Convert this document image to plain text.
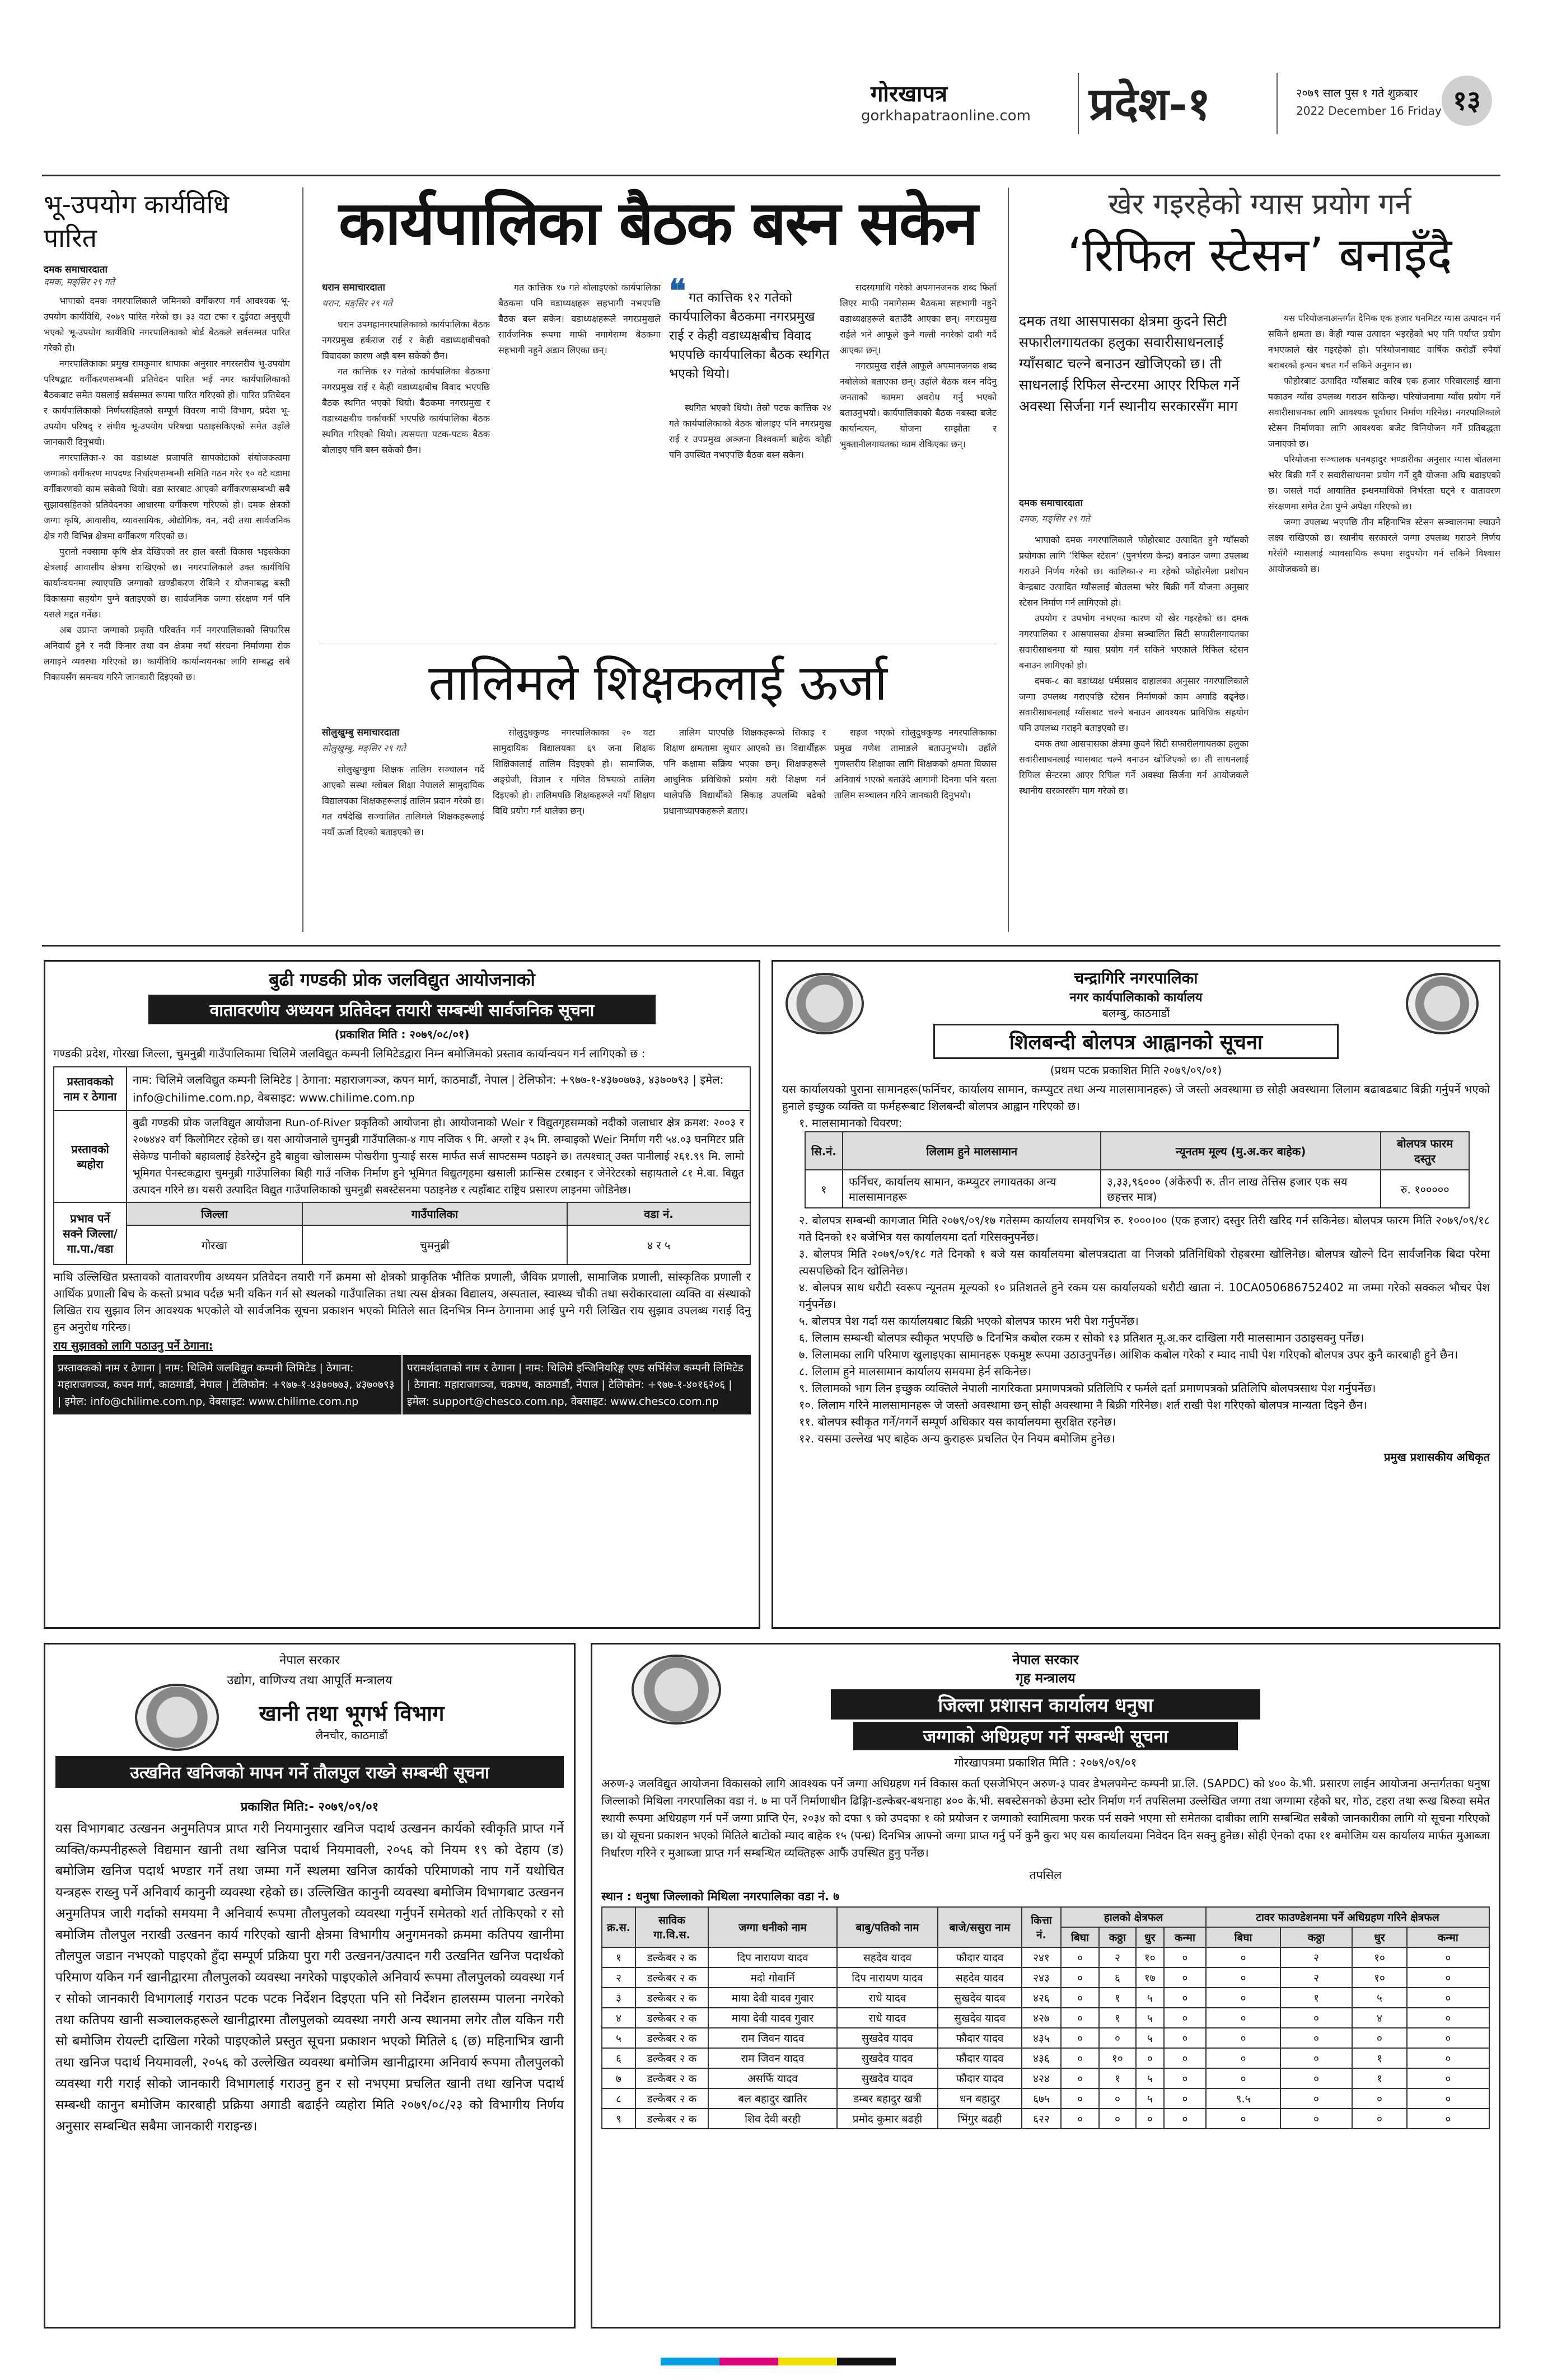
गोरखापत्र
gorkhapatraonline.com प्रदेश-१	२०७९ साल पुस १ गते शुक्रबार
2022 December 16 Friday १३
भू-उपयोग कार्यविधि पारित
दमक समाचारदाता
दमक, मङ्सिर २९ गते

भापाको दमक नगरपालिकाले जमिनको वर्गीकरण गर्न आवश्यक भू-उपयोग कार्यविधि, २०७९ पारित गरेको छ। ३३ वटा टफा र दुईवटा अनुसूची भएको भू-उपयोग कार्यविधि नगरपालिकाको बोर्ड बैठकले सर्वसम्मत पारित गरेको हो।

नगरपालिकाका प्रमुख रामकुमार थापाका अनुसार नगरस्तरीय भू-उपयोग परिषद्बाट वर्गीकरणसम्बन्धी प्रतिवेदन पारित भई नगर कार्यपालिकाको बैठकबाट समेत यसलाई सर्वसम्मत रूपमा पारित गरिएको हो। पारित प्रतिवेदन र कार्यपालिकाको निर्णयसहितको सम्पूर्ण विवरण नापी विभाग, प्रदेश भू-उपयोग परिषद् र संघीय भू-उपयोग परिषद्मा पठाइसकिएको समेत उहाँले जानकारी दिनुभयो।

नगरपालिका-२ का वडाध्यक्ष प्रजापति सापकोटाको संयोजकत्वमा जग्गाको वर्गीकरण मापदण्ड निर्धारणसम्बन्धी समिति गठन गरेर १० वटै वडामा वर्गीकरणको काम सकेको थियो। वडा स्तरबाट आएको वर्गीकरणसम्बन्धी सबै सुझावसहितको प्रतिवेदनका आधारमा वर्गीकरण गरिएको हो। दमक क्षेत्रको जग्गा कृषि, आवासीय, व्यावसायिक, औद्योगिक, वन, नदी तथा सार्वजनिक क्षेत्र गरी विभिन्न क्षेत्रमा वर्गीकरण गरिएको छ।

पुरानो नक्सामा कृषि क्षेत्र देखिएको तर हाल बस्ती विकास भइसकेका क्षेत्रलाई आवासीय क्षेत्रमा राखिएको छ। नगरपालिकाले उक्त कार्यविधि कार्यान्वयनमा ल्याएपछि जग्गाको खण्डीकरण रोकिने र योजनाबद्ध बस्ती विकासमा सहयोग पुग्ने बताइएको छ। सार्वजनिक जग्गा संरक्षण गर्न पनि यसले मद्दत गर्नेछ।

अब उप्रान्त जग्गाको प्रकृति परिवर्तन गर्न नगरपालिकाको सिफारिस अनिवार्य हुने र नदी किनार तथा वन क्षेत्रमा नयाँ संरचना निर्माणमा रोक लगाइने व्यवस्था गरिएको छ। कार्यविधि कार्यान्वयनका लागि सम्बद्ध सबै निकायसँग समन्वय गरिने जानकारी दिइएको छ।

कार्यपालिका बैठक बस्न सकेन
धरान समाचारदाता
धरान, मङ्सिर २९ गते

धरान उपमहानगरपालिकाको कार्यपालिका बैठक नगरप्रमुख हर्कराज राई र केही वडाध्यक्षबीचको विवादका कारण अझै बस्न सकेको छैन।

गत कात्तिक १२ गतेको कार्यपालिका बैठकमा नगरप्रमुख राई र केही वडाध्यक्षबीच विवाद भएपछि बैठक स्थगित भएको थियो। बैठकमा नगरप्रमुख र वडाध्यक्षबीच चर्काचर्की भएपछि कार्यपालिका बैठक स्थगित गरिएको थियो। त्यसयता पटक-पटक बैठक बोलाइए पनि बस्न सकेको छैन।

गत कात्तिक १७ गते बोलाइएको कार्यपालिका बैठकमा पनि वडाध्यक्षहरू सहभागी नभएपछि बैठक बस्न सकेन। वडाध्यक्षहरूले नगरप्रमुखले सार्वजनिक रूपमा माफी नमागेसम्म बैठकमा सहभागी नहुने अडान लिएका छन्।

❝ गत कात्तिक १२ गतेको कार्यपालिका बैठकमा नगरप्रमुख राई र केही वडाध्यक्षबीच विवाद भएपछि कार्यपालिका बैठक स्थगित भएको थियो।

स्थगित भएको थियो। तेस्रो पटक कात्तिक २४ गते कार्यपालिकाको बैठक बोलाइए पनि नगरप्रमुख राई र उपप्रमुख अञ्जना विश्वकर्मा बाहेक कोही पनि उपस्थित नभएपछि बैठक बस्न सकेन।

सदस्यमाथि गरेको अपमानजनक शब्द फिर्ता लिएर माफी नमागेसम्म बैठकमा सहभागी नहुने वडाध्यक्षहरूले बताउँदै आएका छन्। नगरप्रमुख राईले भने आफूले कुनै गल्ती नगरेको दाबी गर्दै आएका छन्।

नगरप्रमुख राईले आफूले अपमानजनक शब्द नबोलेको बताएका छन्। उहाँले बैठक बस्न नदिनु जनताको काममा अवरोध गर्नु भएको बताउनुभयो। कार्यपालिकाको बैठक नबस्दा बजेट कार्यान्वयन, योजना सम्झौता र भुक्तानीलगायतका काम रोकिएका छन्।

तालिमले शिक्षकलाई ऊर्जा
सोलुखुम्बु समाचारदाता
सोलुखुम्बु, मङ्सिर २९ गते

सोलुखुम्बुमा शिक्षक तालिम सञ्चालन गर्दै आएको सस्था ग्लोबल शिक्षा नेपालले सामुदायिक विद्यालयका शिक्षकहरूलाई तालिम प्रदान गरेको छ। गत वर्षदेखि सञ्चालित तालिमले शिक्षकहरूलाई नयाँ ऊर्जा दिएको बताइएको छ।

सोलुदुधकुण्ड नगरपालिकाका २० वटा सामुदायिक विद्यालयका ६९ जना शिक्षक शिक्षिकालाई तालिम दिइएको हो। सामाजिक, अङ्ग्रेजी, विज्ञान र गणित विषयको तालिम दिइएको हो। तालिमपछि शिक्षकहरूले नयाँ शिक्षण विधि प्रयोग गर्न थालेका छन्।

तालिम पाएपछि शिक्षकहरूको सिकाइ र शिक्षण क्षमतामा सुधार आएको छ। विद्यार्थीहरू पनि कक्षामा सक्रिय भएका छन्। शिक्षकहरूले आधुनिक प्रविधिको प्रयोग गरी शिक्षण गर्न थालेपछि विद्यार्थीको सिकाइ उपलब्धि बढेको प्रधानाध्यापकहरूले बताए।

सहज भएको सोलुदुधकुण्ड नगरपालिकाका प्रमुख गणेश तामाङले बताउनुभयो। उहाँले गुणस्तरीय शिक्षाका लागि शिक्षकको क्षमता विकास अनिवार्य भएको बताउँदै आगामी दिनमा पनि यस्ता तालिम सञ्चालन गरिने जानकारी दिनुभयो।

खेर गइरहेको ग्यास प्रयोग गर्न
‘रिफिल स्टेसन’ बनाइँदै
दमक तथा आसपासका क्षेत्रमा कुदने सिटी सफारीलगायतका हलुका सवारीसाधनलाई ग्याँसबाट चल्ने बनाउन खोजिएको छ। ती साधनलाई रिफिल सेन्टरमा आएर रिफिल गर्ने अवस्था सिर्जना गर्न स्थानीय सरकारसँग माग
दमक समाचारदाता
दमक, मङ्सिर २९ गते

भापाको दमक नगरपालिकाले फोहोरबाट उत्पादित हुने ग्याँसको प्रयोगका लागि ‘रिफिल स्टेसन’ (पुनर्भरण केन्द्र) बनाउन जग्गा उपलब्ध गराउने निर्णय गरेको छ। कालिका-२ मा रहेको फोहोरमैला प्रशोधन केन्द्रबाट उत्पादित ग्याँसलाई बोतलमा भरेर बिक्री गर्ने योजना अनुसार स्टेसन निर्माण गर्न लागिएको हो।

उपयोग र उपभोग नभएका कारण यो खेर गइरहेको छ। दमक नगरपालिका र आसपासका क्षेत्रमा सञ्चालित सिटी सफारीलगायतका सवारीसाधनमा यो ग्यास प्रयोग गर्न सकिने भएकाले रिफिल स्टेसन बनाउन लागिएको हो।

दमक-८ का वडाध्यक्ष धर्मप्रसाद दाहालका अनुसार नगरपालिकाले जग्गा उपलब्ध गराएपछि स्टेसन निर्माणको काम अगाडि बढ्नेछ। सवारीसाधनलाई ग्याँसबाट चल्ने बनाउन आवश्यक प्राविधिक सहयोग पनि उपलब्ध गराइने बताइएको छ।

दमक तथा आसपासका क्षेत्रमा कुदने सिटी सफारीलगायतका हलुका सवारीसाधनलाई ग्यासबाट चल्ने बनाउन खोजिएको छ। ती साधनलाई रिफिल सेन्टरमा आएर रिफिल गर्ने अवस्था सिर्जना गर्न आयोजकले स्थानीय सरकारसँग माग गरेको छ।

यस परियोजनाअन्तर्गत दैनिक एक हजार घनमिटर ग्यास उत्पादन गर्न सकिने क्षमता छ। केही ग्यास उत्पादन भइरहेको भए पनि पर्याप्त प्रयोग नभएकाले खेर गइरहेको हो। परियोजनाबाट वार्षिक करोडौँ रुपैयाँ बराबरको इन्धन बचत गर्न सकिने अनुमान छ।

फोहोरबाट उत्पादित ग्याँसबाट करिब एक हजार परिवारलाई खाना पकाउन ग्याँस उपलब्ध गराउन सकिन्छ। परियोजनामा ग्याँस प्रयोग गर्ने सवारीसाधनका लागि आवश्यक पूर्वाधार निर्माण गरिनेछ। नगरपालिकाले स्टेसन निर्माणका लागि आवश्यक बजेट विनियोजन गर्ने प्रतिबद्धता जनाएको छ।

परियोजना सञ्चालक धनबहादुर भण्डारीका अनुसार ग्यास बोतलमा भरेर बिक्री गर्ने र सवारीसाधनमा प्रयोग गर्ने दुवै योजना अघि बढाइएको छ। जसले गर्दा आयातित इन्धनमाथिको निर्भरता घट्ने र वातावरण संरक्षणमा समेत टेवा पुग्ने अपेक्षा गरिएको छ।

जग्गा उपलब्ध भएपछि तीन महिनाभित्र स्टेसन सञ्चालनमा ल्याउने लक्ष्य राखिएको छ। स्थानीय सरकारले जग्गा उपलब्ध गराउने निर्णय गरेसँगै ग्यासलाई व्यावसायिक रूपमा सदुपयोग गर्न सकिने विश्वास आयोजकको छ।

बुढी गण्डकी प्रोक जलविद्युत आयोजनाको
वातावरणीय अध्ययन प्रतिवेदन तयारी सम्बन्धी सार्वजनिक सूचना
(प्रकाशित मिति : २०७९/०८/०१)
गण्डकी प्रदेश, गोरखा जिल्ला, चुमनुब्री गाउँपालिकामा चिलिमे जलविद्युत कम्पनी लिमिटेडद्वारा निम्न बमोजिमको प्रस्ताव कार्यान्वयन गर्न लागिएको छ :
प्रस्तावकको नाम र ठेगाना	नाम: चिलिमे जलविद्युत कम्पनी लिमिटेड | ठेगाना: महाराजगञ्ज, कपन मार्ग, काठमाडौं, नेपाल | टेलिफोन: +९७७-१-४३७०७७३, ४३७०७९३ | इमेल: info@chilime.com.np, वेबसाइट: www.chilime.com.np		
प्रस्तावको ब्यहोरा	बुढी गण्डकी प्रोक जलविद्युत आयोजना Run-of-River प्रकृतिको आयोजना हो। आयोजनाको Weir र विद्युतगृहसम्मको नदीको जलाधार क्षेत्र क्रमश: २००३ र २०७४४२ वर्ग किलोमिटर रहेको छ। यस आयोजनाले चुमनुब्री गाउँपालिका-४ गाप नजिक ९ मि. अग्लो र ३५ मि. लम्बाइको Weir निर्माण गरी ५४.०३ घनमिटर प्रति सेकेण्ड पानीको बहावलाई हेडरेस्ट्रेन हुदै बाहुवा खोलासम्म पोखरीगा पुऱ्याई सरस मार्फत सर्ज साफ्टसम्म पठाइने छ। तत्पश्चात् उक्त पानीलाई २६१.९९ मि. लामो भूमिगत पेनस्टकद्वारा चुमनुब्री गाउँपालिका बिही गाउँ नजिक निर्माण हुने भूमिगत विद्युतगृहमा खसाली फ्रान्सिस टरबाइन र जेनेरेटरको सहायताले ८१ मे.वा. विद्युत उत्पादन गरिने छ। यसरी उत्पादित विद्युत गाउँपालिकाको चुमनुब्री सबस्टेसनमा पठाइनेछ र त्यहाँबाट राष्ट्रिय प्रसारण लाइनमा जोडिनेछ।		
प्रभाव पर्ने सक्ने जिल्ला/गा.पा./वडा	जिल्ला	गाउँपालिका	वडा नं.
	गोरखा	चुमनुब्री	४ र ५
माथि उल्लिखित प्रस्तावको वातावरणीय अध्ययन प्रतिवेदन तयारी गर्ने क्रममा सो क्षेत्रको प्राकृतिक भौतिक प्रणाली, जैविक प्रणाली, सामाजिक प्रणाली, सांस्कृतिक प्रणाली र आर्थिक प्रणाली बिच के कस्तो प्रभाव पर्दछ भनी यकिन गर्न सो स्थलको गाउँपालिका तथा त्यस क्षेत्रका विद्यालय, अस्पताल, स्वास्थ्य चौकी तथा सरोकारवाला व्यक्ति वा संस्थाको लिखित राय सुझाव लिन आवश्यक भएकोले यो सार्वजनिक सूचना प्रकाशन भएको मितिले सात दिनभित्र निम्न ठेगानामा आई पुग्ने गरी लिखित राय सुझाव उपलब्ध गराई दिनु हुन अनुरोध गरिन्छ।
राय सुझावको लागि पठाउनु पर्ने ठेगाना:
प्रस्तावकको नाम र ठेगाना | नाम: चिलिमे जलविद्युत कम्पनी लिमिटेड | ठेगाना: महाराजगञ्ज, कपन मार्ग, काठमाडौं, नेपाल | टेलिफोन: +९७७-१-४३७०७७३, ४३७०७९३ | इमेल: info@chilime.com.np, वेबसाइट: www.chilime.com.np
परामर्शदाताको नाम र ठेगाना | नाम: चिलिमे इन्जिनियरिङ्ग एण्ड सर्भिसेज कम्पनी लिमिटेड | ठेगाना: महाराजगञ्ज, चक्रपथ, काठमाडौं, नेपाल | टेलिफोन: +९७७-१-४०१६२०६ | इमेल: support@chesco.com.np, वेबसाइट: www.chesco.com.np
चन्द्रागिरि नगरपालिका
नगर कार्यपालिकाको कार्यालय
बलम्बु, काठमाडौं
शिलबन्दी बोलपत्र आह्वानको सूचना
(प्रथम पटक प्रकाशित मिति २०७९/०९/०१)
यस कार्यालयको पुराना सामानहरू(फर्निचर, कार्यालय सामान, कम्प्युटर तथा अन्य मालसामानहरू) जे जस्तो अवस्थामा छ सोही अवस्थामा लिलाम बढाबढबाट बिक्री गर्नुपर्ने भएको हुनाले इच्छुक व्यक्ति वा फर्महरूबाट शिलबन्दी बोलपत्र आह्वान गरिएको छ।
१. मालसामानको विवरण:
सि.नं.	लिलाम हुने मालसामान	न्यूनतम मूल्य (मु.अ.कर बाहेक)	बोलपत्र फारम दस्तुर
१	फर्निचर, कार्यालय सामान, कम्प्युटर लगायतका अन्य मालसामानहरू	३,३३,९६००० (अंकेरुपी रु. तीन लाख तेत्तिस हजार एक सय छहत्तर मात्र)	रु. १०००००
२. बोलपत्र सम्बन्धी कागजात मिति २०७९/०९/१७ गतेसम्म कार्यालय समयभित्र रु. १०००।०० (एक हजार) दस्तुर तिरी खरिद गर्न सकिनेछ। बोलपत्र फारम मिति २०७९/०९/१८ गते दिनको १२ बजेभित्र यस कार्यालयमा दर्ता गरिसक्नुपर्नेछ।
३. बोलपत्र मिति २०७९/०९/१८ गते दिनको १ बजे यस कार्यालयमा बोलपत्रदाता वा निजको प्रतिनिधिको रोहबरमा खोलिनेछ। बोलपत्र खोल्ने दिन सार्वजनिक बिदा परेमा त्यसपछिको दिन खोलिनेछ।
४. बोलपत्र साथ धरौटी स्वरूप न्यूनतम मूल्यको १० प्रतिशतले हुने रकम यस कार्यालयको धरौटी खाता नं. 10CA050686752402 मा जम्मा गरेको सक्कल भौचर पेश गर्नुपर्नेछ।
५. बोलपत्र पेश गर्दा यस कार्यालयबाट बिक्री भएको बोलपत्र फारम भरी पेश गर्नुपर्नेछ।
६. लिलाम सम्बन्धी बोलपत्र स्वीकृत भएपछि ७ दिनभित्र कबोल रकम र सोको १३ प्रतिशत मू.अ.कर दाखिला गरी मालसामान उठाइसक्नु पर्नेछ।
७. लिलामका लागि परिमाण खुलाइएका सामानहरू एकमुष्ट रूपमा उठाउनुपर्नेछ। आंशिक कबोल गरेको र म्याद नाघी पेश गरिएको बोलपत्र उपर कुनै कारबाही हुने छैन।
८. लिलाम हुने मालसामान कार्यालय समयमा हेर्न सकिनेछ।
९. लिलामको भाग लिन इच्छुक व्यक्तिले नेपाली नागरिकता प्रमाणपत्रको प्रतिलिपि र फर्मले दर्ता प्रमाणपत्रको प्रतिलिपि बोलपत्रसाथ पेश गर्नुपर्नेछ।
१०. लिलाम गरिने मालसामानहरू जे जस्तो अवस्थामा छन् सोही अवस्थामा नै बिक्री गरिनेछ। शर्त राखी पेश गरिएको बोलपत्र मान्यता दिइने छैन।
११. बोलपत्र स्वीकृत गर्ने/नगर्ने सम्पूर्ण अधिकार यस कार्यालयमा सुरक्षित रहनेछ।
१२. यसमा उल्लेख भए बाहेक अन्य कुराहरू प्रचलित ऐन नियम बमोजिम हुनेछ।
प्रमुख प्रशासकीय अधिकृत
नेपाल सरकार
उद्योग, वाणिज्य तथा आपूर्ति मन्त्रालय
खानी तथा भूगर्भ विभाग
लैनचौर, काठमाडौं
उत्खनित खनिजको मापन गर्ने तौलपुल राख्ने सम्बन्धी सूचना
प्रकाशित मिति:- २०७९/०९/०१
यस विभागबाट उत्खनन अनुमतिपत्र प्राप्त गरी नियमानुसार खनिज पदार्थ उत्खनन कार्यको स्वीकृति प्राप्त गर्ने व्यक्ति/कम्पनीहरूले विद्यमान खानी तथा खनिज पदार्थ नियमावली, २०५६ को नियम १९ को देहाय (ड) बमोजिम खनिज पदार्थ भण्डार गर्ने तथा जम्मा गर्ने स्थलमा खनिज कार्यको परिमाणको नाप गर्ने यथोचित यन्त्रहरू राख्नु पर्ने अनिवार्य कानुनी व्यवस्था रहेको छ। उल्लिखित कानुनी व्यवस्था बमोजिम विभागबाट उत्खनन अनुमतिपत्र जारी गर्दाको समयमा नै अनिवार्य रूपमा तौलपुलको व्यवस्था गर्नुपर्ने समेतको शर्त तोकिएको र सो बमोजिम तौलपुल नराखी उत्खनन कार्य गरिएको खानी क्षेत्रमा विभागीय अनुगमनको क्रममा कतिपय खानीमा तौलपुल जडान नभएको पाइएको हुँदा सम्पूर्ण प्रक्रिया पुरा गरी उत्खनन/उत्पादन गरी उत्खनित खनिज पदार्थको परिमाण यकिन गर्न खानीद्वारमा तौलपुलको व्यवस्था नगरेको पाइएकोले अनिवार्य रूपमा तौलपुलको व्यवस्था गर्न र सोको जानकारी विभागलाई गराउन पटक पटक निर्देशन दिइएता पनि सो निर्देशन हालसम्म पालना नगरेको तथा कतिपय खानी सञ्चालकहरूले खानीद्वारमा तौलपुलको व्यवस्था नगरी अन्य स्थानमा लगेर तौल यकिन गरी सो बमोजिम रोयल्टी दाखिला गरेको पाइएकोले प्रस्तुत सूचना प्रकाशन भएको मितिले ६ (छ) महिनाभित्र खानी तथा खनिज पदार्थ नियमावली, २०५६ को उल्लेखित व्यवस्था बमोजिम खानीद्वारमा अनिवार्य रूपमा तौलपुलको व्यवस्था गरी गराई सोको जानकारी विभागलाई गराउनु हुन र सो नभएमा प्रचलित खानी तथा खनिज पदार्थ सम्बन्धी कानुन बमोजिम कारबाही प्रक्रिया अगाडी बढाईने व्यहोरा मिति २०७९/०८/२३ को विभागीय निर्णय अनुसार सम्बन्धित सबैमा जानकारी गराइन्छ।
नेपाल सरकार
गृह मन्त्रालय
जिल्ला प्रशासन कार्यालय धनुषा
जग्गाको अधिग्रहण गर्ने सम्बन्धी सूचना
गोरखापत्रमा प्रकाशित मिति : २०७९/०९/०१
अरुण-३ जलविद्युत आयोजना विकासको लागि आवश्यक पर्ने जग्गा अधिग्रहण गर्न विकास कर्ता एसजेभिएन अरुण-३ पावर डेभलपमेन्ट कम्पनी प्रा.लि. (SAPDC) को ४०० के.भी. प्रसारण लाईन आयोजना अन्तर्गतका धनुषा जिल्लाको मिथिला नगरपालिका वडा नं. ७ मा पर्ने निर्माणाधीन ढिङ्गिा-डल्केबर-बथनाहा ४०० के.भी. सबस्टेसनको छेउमा स्टोर निर्माण गर्न तपसिलमा उल्लेखित जग्गा तथा जग्गामा रहेको घर, गोठ, टहरा तथा रूख बिरुवा समेत स्थायी रूपमा अधिग्रहण गर्न पर्ने जग्गा प्राप्ति ऐन, २०३४ को दफा ९ को उपदफा १ को प्रयोजन र जग्गाको स्वामित्वमा फरक पर्न सक्ने भएमा सो समेतका दाबीका लागि सम्बन्धित सबैको जानकारीका लागि यो सूचना गरिएको छ। यो सूचना प्रकाशन भएको मितिले बाटोको म्याद बाहेक १५ (पन्ध्र) दिनभित्र आफ्नो जग्गा प्राप्त गर्नु पर्ने कुनै कुरा भए यस कार्यालयमा निवेदन दिन सक्नु हुनेछ। सोही ऐनको दफा ११ बमोजिम यस कार्यालय मार्फत मुआब्जा निर्धारण गरिने र मुआब्जा प्राप्त गर्न सम्बन्धित व्यक्तिहरू आफैं उपस्थित हुनु पर्नेछ।
तपसिल
स्थान : धनुषा जिल्लाको मिथिला नगरपालिका वडा नं. ७
क्र.स.	साविक गा.वि.स.	जग्गा धनीको नाम	बाबु/पतिको नाम	बाजे/ससुरा नाम	कित्ता नं.	हालको क्षेत्रफल				टावर फाउण्डेशनमा पर्ने अधिग्रहण गरिने क्षेत्रफल			
						बिघा	कठ्ठा	धुर	कन्मा	बिघा	कठ्ठा	धुर	कन्मा
१	डल्केबर २ क	दिप नारायण यादव	सहदेव यादव	फौदार यादव	२४१	०	२	१०	०	०	२	१०	०
२	डल्केबर २ क	मदो गोवार्नि	दिप नारायण यादव	सहदेव यादव	२४३	०	६	१७	०	०	२	१०	०
३	डल्केबर २ क	माया देवी यादव गुवार	राधे यादव	सुखदेव यादव	४२६	०	१	५	०	०	१	५	०
४	डल्केबर २ क	माया देवी यादव गुवार	राधे यादव	सुखदेव यादव	४२७	०	१	५	०	०	०	४	०
५	डल्केबर २ क	राम जिवन यादव	सुखदेव यादव	फौदार यादव	४३५	०	०	५	०	०	०	०	०
६	डल्केबर २ क	राम जिवन यादव	सुखदेव यादव	फौदार यादव	४३६	०	१०	०	०	०	०	१	०
७	डल्केबर २ क	असर्फि यादव	सुखदेव यादव	फौदार यादव	४२४	०	१	५	०	०	०	१	०
८	डल्केबर २ क	बल बहादुर खातिर	डम्बर बहादुर खत्री	धन बहादुर	६७५	०	०	५	०	९.५	०	०	०
९	डल्केबर २ क	शिव देवी बरही	प्रमोद कुमार बढही	भिंगुर बढही	६२२	०	०	०	०	०	०	०	०
